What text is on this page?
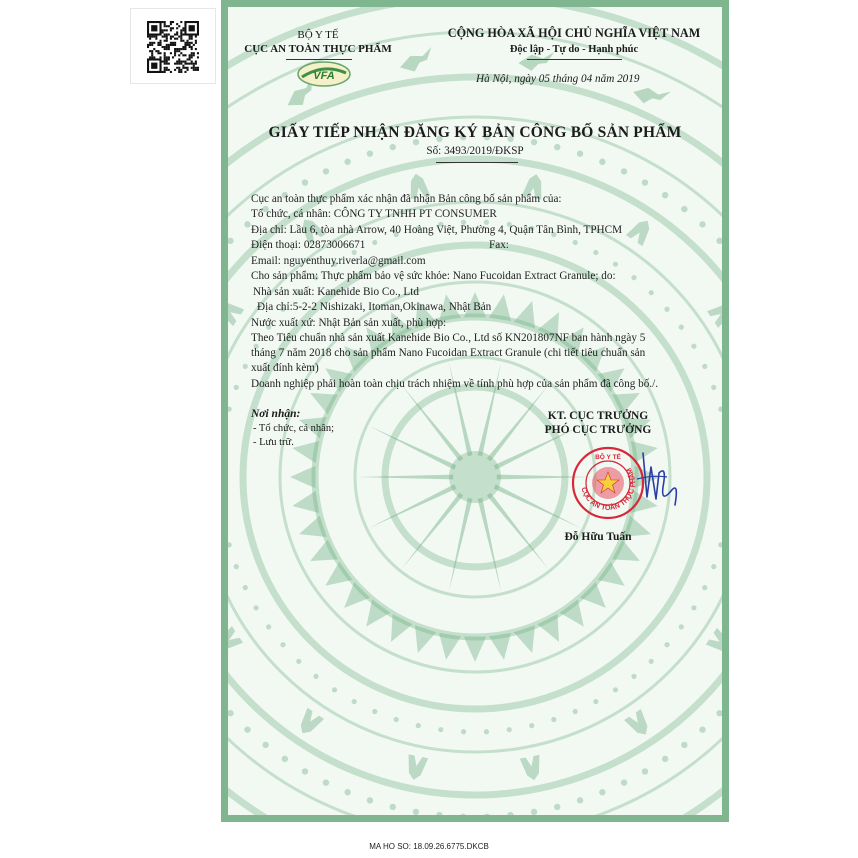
BỘ Y TẾ
CỤC AN TOÀN THỰC PHẨM
VFA
CỘNG HÒA XÃ HỘI CHỦ NGHĨA VIỆT NAM
Độc lập - Tự do - Hạnh phúc
Hà Nội, ngày 05 tháng 04 năm 2019
GIẤY TIẾP NHẬN ĐĂNG KÝ BẢN CÔNG BỐ SẢN PHẨM
Số: 3493/2019/ĐKSP
Cục an toàn thực phẩm xác nhận đã nhận Bản công bố sản phẩm của:
Tổ chức, cá nhân: CÔNG TY TNHH PT CONSUMER
Địa chỉ: Lầu 6, tòa nhà Arrow, 40 Hoàng Việt, Phường 4, Quận Tân Bình, TPHCM
Điện thoại: 02873006671	Fax:
Email: nguyenthuy.riverla@gmail.com
Cho sản phẩm: Thực phẩm bảo vệ sức khỏe: Nano Fucoidan Extract Granule; do:
Nhà sản xuất: Kanehide Bio Co., Ltd
Địa chỉ:5-2-2 Nishizaki, Itoman,Okinawa, Nhật Bản
Nước xuất xứ: Nhật Bản sản xuất, phù hợp:
Theo Tiêu chuẩn nhà sản xuất Kanehide Bio Co., Ltd số KN201807NF ban hành ngày 5
tháng 7 năm 2018 cho sản phẩm Nano Fucoidan Extract Granule (chi tiết tiêu chuẩn sản
xuất đính kèm)
Doanh nghiệp phải hoàn toàn chịu trách nhiệm về tính phù hợp của sản phẩm đã công bố./.
Nơi nhận:
- Tổ chức, cá nhân;
- Lưu trữ.
KT. CỤC TRƯỞNG
PHÓ CỤC TRƯỞNG
CỤC AN TOÀN THỰC PHẨM
BỘ Y TẾ
Đỗ Hữu Tuấn
MA HO SO: 18.09.26.6775.DKCB
